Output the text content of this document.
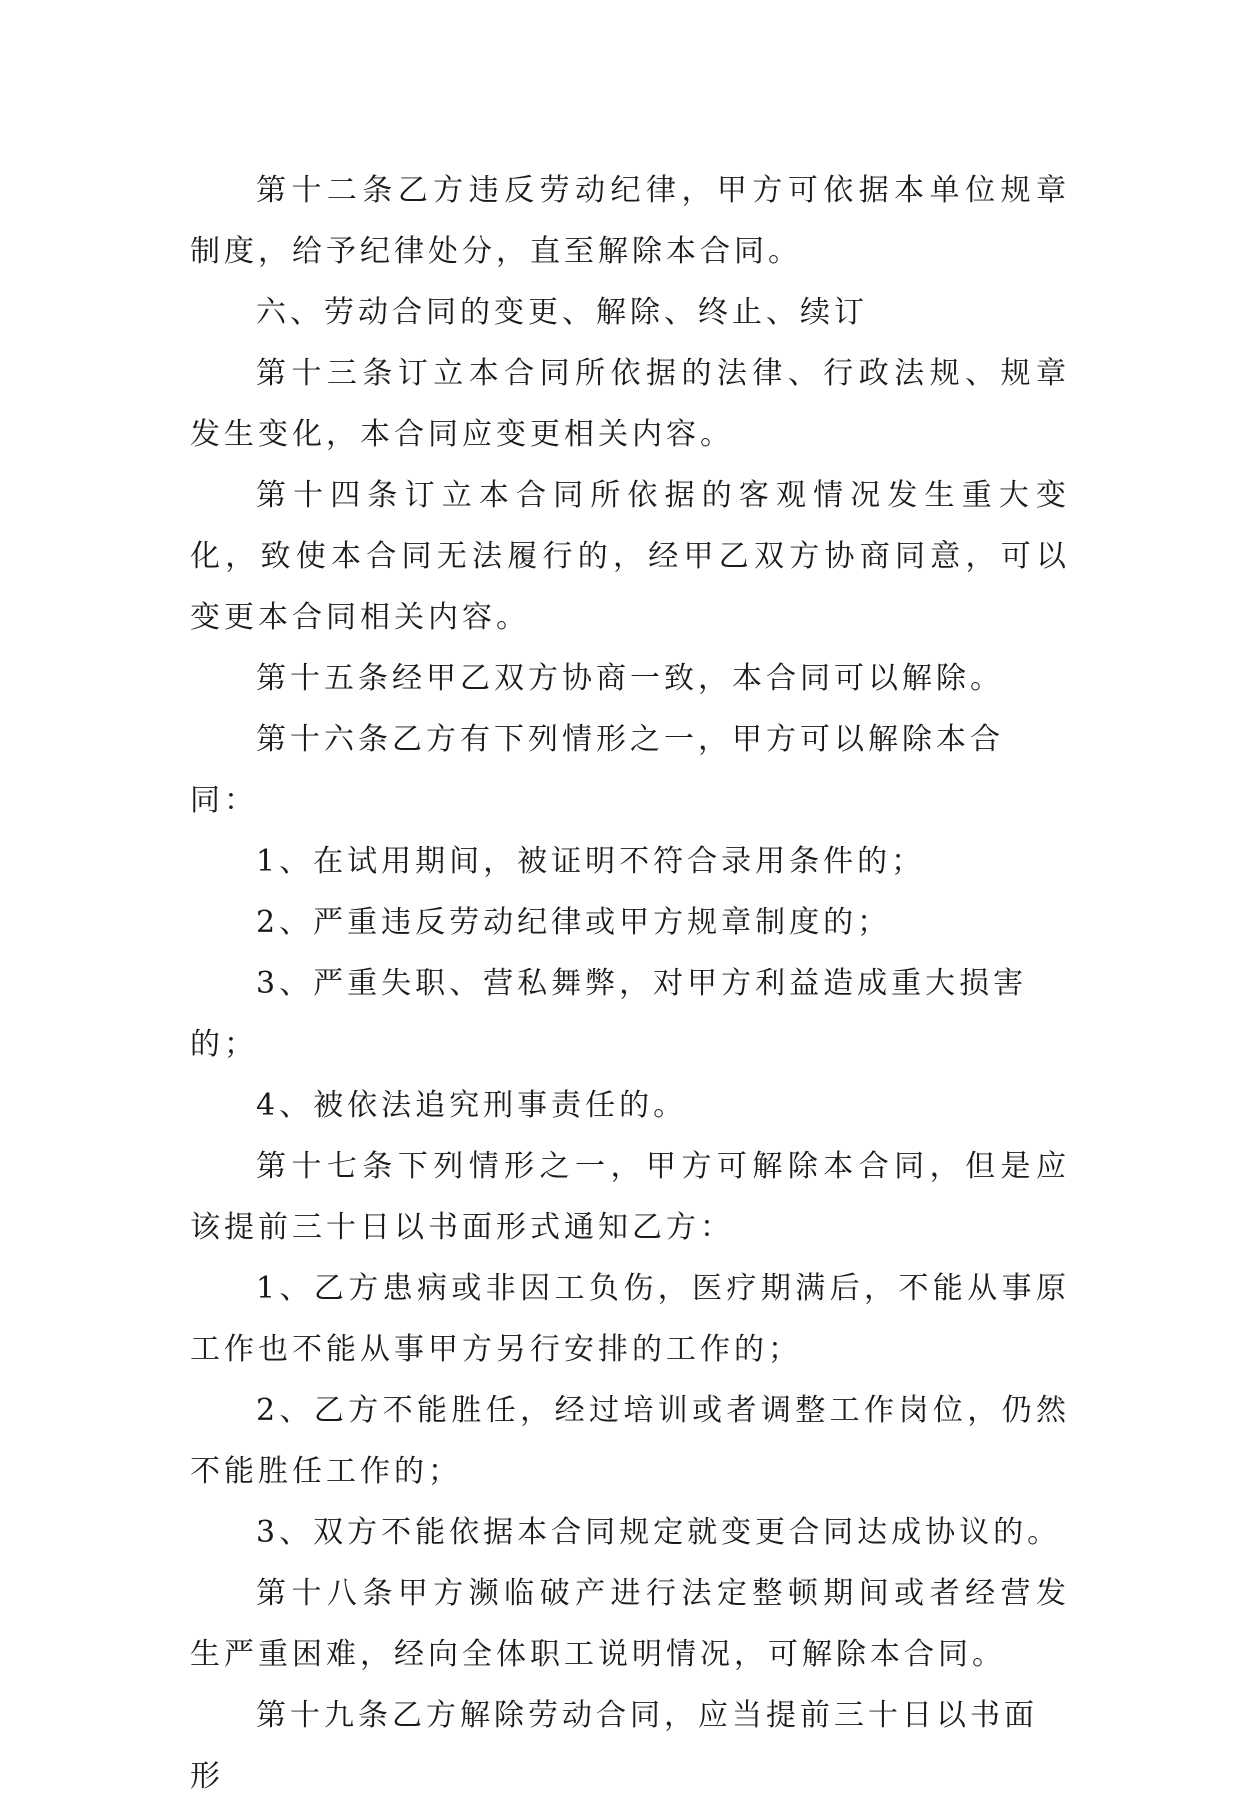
第十二条乙方违反劳动纪律，甲方可依据本单位规章制度，给予纪律处分，直至解除本合同。

六、劳动合同的变更、解除、终止、续订

第十三条订立本合同所依据的法律、行政法规、规章发生变化，本合同应变更相关内容。

第十四条订立本合同所依据的客观情况发生重大变化，致使本合同无法履行的，经甲乙双方协商同意，可以变更本合同相关内容。

第十五条经甲乙双方协商一致，本合同可以解除。

第十六条乙方有下列情形之一，甲方可以解除本合同：

1、在试用期间，被证明不符合录用条件的；

2、严重违反劳动纪律或甲方规章制度的；

3、严重失职、营私舞弊，对甲方利益造成重大损害的；

4、被依法追究刑事责任的。

第十七条下列情形之一，甲方可解除本合同，但是应该提前三十日以书面形式通知乙方：

1、乙方患病或非因工负伤，医疗期满后，不能从事原工作也不能从事甲方另行安排的工作的；

2、乙方不能胜任，经过培训或者调整工作岗位，仍然不能胜任工作的；

3、双方不能依据本合同规定就变更合同达成协议的。

第十八条甲方濒临破产进行法定整顿期间或者经营发生严重困难，经向全体职工说明情况，可解除本合同。

第十九条乙方解除劳动合同，应当提前三十日以书面形
